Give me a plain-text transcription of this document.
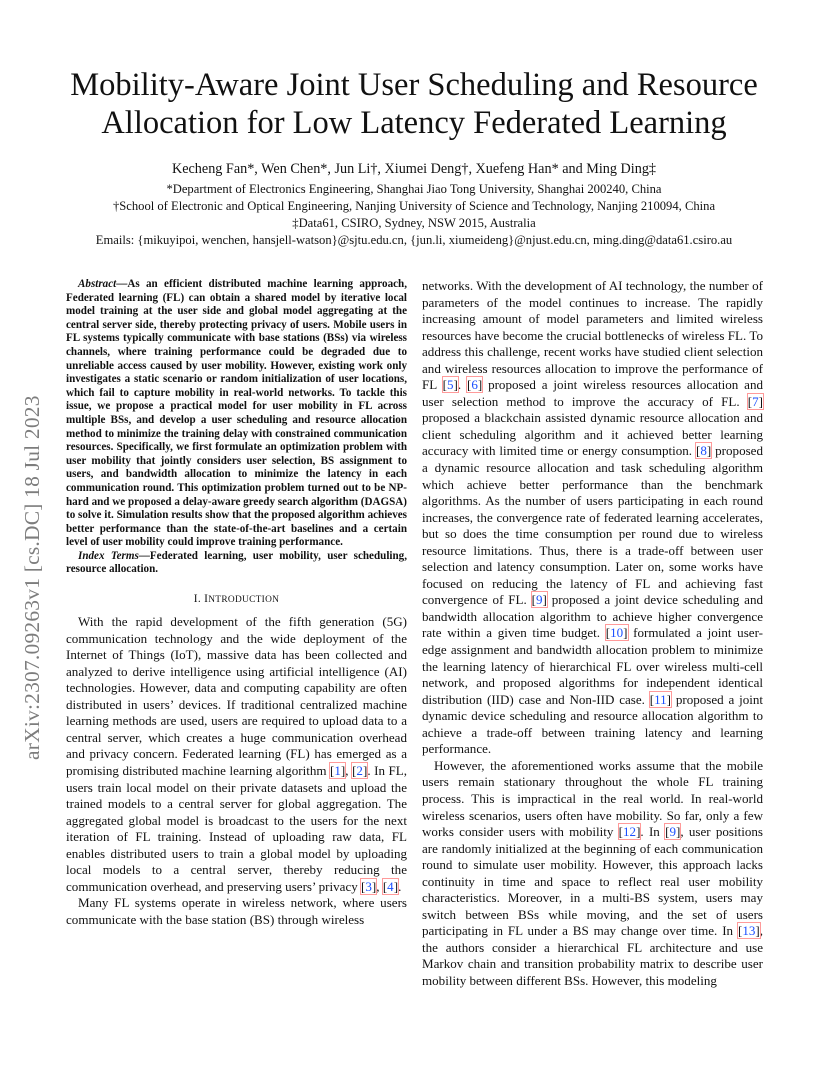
arXiv:2307.09263v1 [cs.DC] 18 Jul 2023
Mobility-Aware Joint User Scheduling and Resource
Allocation for Low Latency Federated Learning
Kecheng Fan*, Wen Chen*, Jun Li†, Xiumei Deng†, Xuefeng Han* and Ming Ding‡
*Department of Electronics Engineering, Shanghai Jiao Tong University, Shanghai 200240, China
†School of Electronic and Optical Engineering, Nanjing University of Science and Technology, Nanjing 210094, China
‡Data61, CSIRO, Sydney, NSW 2015, Australia
Emails: {mikuyipoi, wenchen, hansjell-watson}@sjtu.edu.cn, {jun.li, xiumeideng}@njust.edu.cn, ming.ding@data61.csiro.au

Abstract—As an efficient distributed machine learning approach, Federated learning (FL) can obtain a shared model by iterative local model training at the user side and global model aggregating at the central server side, thereby protecting privacy of users. Mobile users in FL systems typically communicate with base stations (BSs) via wireless channels, where training performance could be degraded due to unreliable access caused by user mobility. However, existing work only investigates a static scenario or random initialization of user locations, which fail to capture mobility in real-world networks. To tackle this issue, we propose a practical model for user mobility in FL across multiple BSs, and develop a user scheduling and resource allocation method to minimize the training delay with constrained communication resources. Specifically, we first formulate an optimization problem with user mobility that jointly considers user selection, BS assignment to users, and bandwidth allocation to minimize the latency in each communication round. This optimization problem turned out to be NP-hard and we proposed a delay-aware greedy search algorithm (DAGSA) to solve it. Simulation results show that the proposed algorithm achieves better performance than the state-of-the-art baselines and a certain level of user mobility could improve training performance.

Index Terms—Federated learning, user mobility, user scheduling, resource allocation.

I. INTRODUCTION

With the rapid development of the fifth generation (5G) communication technology and the wide deployment of the Internet of Things (IoT), massive data has been collected and analyzed to derive intelligence using artificial intelligence (AI) technologies. However, data and computing capability are often distributed in users’ devices. If traditional centralized machine learning methods are used, users are required to upload data to a central server, which creates a huge communication overhead and privacy concern. Federated learning (FL) has emerged as a promising distributed machine learning algorithm [ 1 ] , [ 2 ] . In FL, users train local model on their private datasets and upload the trained models to a central server for global aggregation. The aggregated global model is broadcast to the users for the next iteration of FL training. Instead of uploading raw data, FL enables distributed users to train a global model by uploading local models to a central server, thereby reducing the communication overhead, and preserving users’ privacy [ 3 ] , [ 4 ] .

Many FL systems operate in wireless network, where users communicate with the base station (BS) through wireless

networks. With the development of AI technology, the number of parameters of the model continues to increase. The rapidly increasing amount of model parameters and limited wireless resources have become the crucial bottlenecks of wireless FL. To address this challenge, recent works have studied client selection and wireless resources allocation to improve the performance of FL [ 5 ] . [ 6 ] proposed a joint wireless resources allocation and user selection method to improve the accuracy of FL. [ 7 ] proposed a blackchain assisted dynamic resource allocation and client scheduling algorithm and it achieved better learning accuracy with limited time or energy consumption. [ 8 ] proposed a dynamic resource allocation and task scheduling algorithm which achieve better performance than the benchmark algorithms. As the number of users participating in each round increases, the convergence rate of federated learning accelerates, but so does the time consumption per round due to wireless resource limitations. Thus, there is a trade-off between user selection and latency consumption. Later on, some works have focused on reducing the latency of FL and achieving fast convergence of FL. [ 9 ] proposed a joint device scheduling and bandwidth allocation algorithm to achieve higher convergence rate within a given time budget. [ 10 ] formulated a joint user-edge assignment and bandwidth allocation problem to minimize the learning latency of hierarchical FL over wireless multi-cell network, and proposed algorithms for independent identical distribution (IID) case and Non-IID case. [ 11 ] proposed a joint dynamic device scheduling and resource allocation algorithm to achieve a trade-off between training latency and learning performance.

However, the aforementioned works assume that the mobile users remain stationary throughout the whole FL training process. This is impractical in the real world. In real-world wireless scenarios, users often have mobility. So far, only a few works consider users with mobility [ 12 ] . In [ 9 ] , user positions are randomly initialized at the beginning of each communication round to simulate user mobility. However, this approach lacks continuity in time and space to reflect real user mobility characteristics. Moreover, in a multi-BS system, users may switch between BSs while moving, and the set of users participating in FL under a BS may change over time. In [ 13 ] , the authors consider a hierarchical FL architecture and use Markov chain and transition probability matrix to describe user mobility between different BSs. However, this modeling
